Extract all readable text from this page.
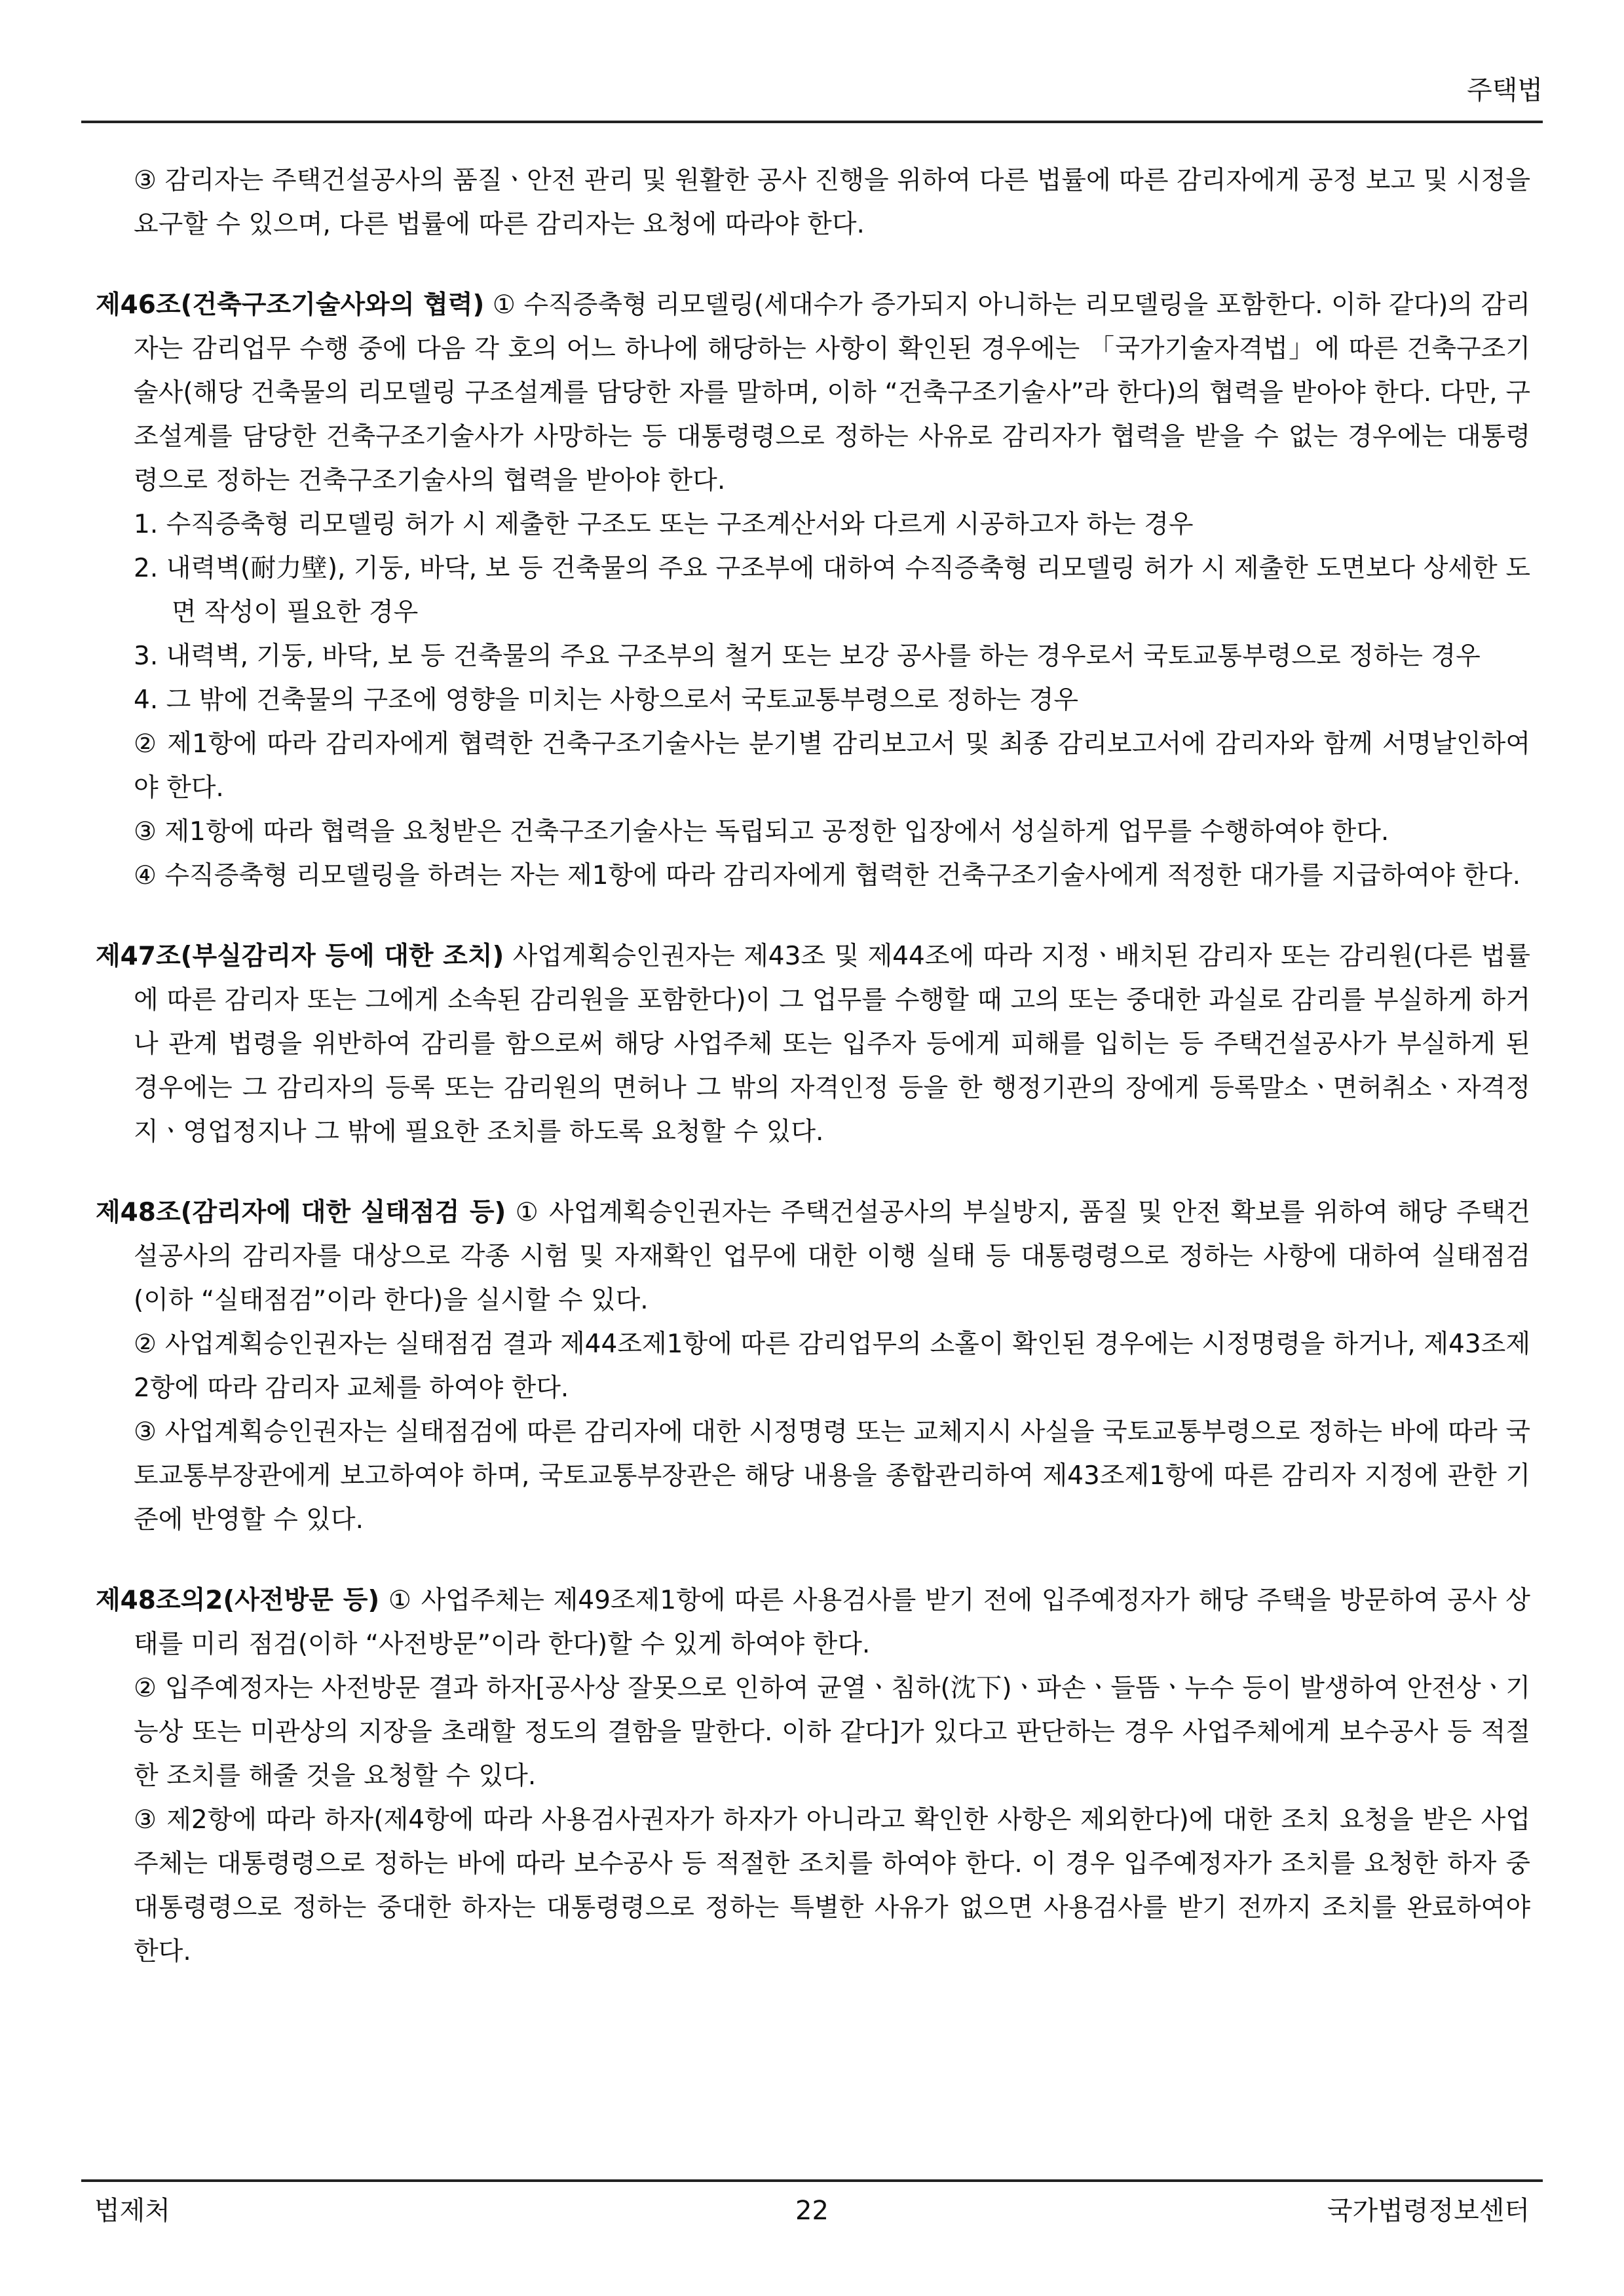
주택법
③ 감리자는 주택건설공사의 품질ㆍ안전 관리 및 원활한 공사 진행을 위하여 다른 법률에 따른 감리자에게 공정 보고 및 시정을 요구할 수 있으며, 다른 법률에 따른 감리자는 요청에 따라야 한다.
제46조(건축구조기술사와의 협력) ① 수직증축형 리모델링(세대수가 증가되지 아니하는 리모델링을 포함한다. 이하 같다)의 감리자는 감리업무 수행 중에 다음 각 호의 어느 하나에 해당하는 사항이 확인된 경우에는 「국가기술자격법」에 따른 건축구조기술사(해당 건축물의 리모델링 구조설계를 담당한 자를 말하며, 이하 “건축구조기술사”라 한다)의 협력을 받아야 한다. 다만, 구조설계를 담당한 건축구조기술사가 사망하는 등 대통령령으로 정하는 사유로 감리자가 협력을 받을 수 없는 경우에는 대통령령으로 정하는 건축구조기술사의 협력을 받아야 한다.
1. 수직증축형 리모델링 허가 시 제출한 구조도 또는 구조계산서와 다르게 시공하고자 하는 경우
2. 내력벽(耐力壁), 기둥, 바닥, 보 등 건축물의 주요 구조부에 대하여 수직증축형 리모델링 허가 시 제출한 도면보다 상세한 도면 작성이 필요한 경우
3. 내력벽, 기둥, 바닥, 보 등 건축물의 주요 구조부의 철거 또는 보강 공사를 하는 경우로서 국토교통부령으로 정하는 경우
4. 그 밖에 건축물의 구조에 영향을 미치는 사항으로서 국토교통부령으로 정하는 경우
② 제1항에 따라 감리자에게 협력한 건축구조기술사는 분기별 감리보고서 및 최종 감리보고서에 감리자와 함께 서명날인하여야 한다.
③ 제1항에 따라 협력을 요청받은 건축구조기술사는 독립되고 공정한 입장에서 성실하게 업무를 수행하여야 한다.
④ 수직증축형 리모델링을 하려는 자는 제1항에 따라 감리자에게 협력한 건축구조기술사에게 적정한 대가를 지급하여야 한다.
제47조(부실감리자 등에 대한 조치) 사업계획승인권자는 제43조 및 제44조에 따라 지정ㆍ배치된 감리자 또는 감리원(다른 법률에 따른 감리자 또는 그에게 소속된 감리원을 포함한다)이 그 업무를 수행할 때 고의 또는 중대한 과실로 감리를 부실하게 하거나 관계 법령을 위반하여 감리를 함으로써 해당 사업주체 또는 입주자 등에게 피해를 입히는 등 주택건설공사가 부실하게 된 경우에는 그 감리자의 등록 또는 감리원의 면허나 그 밖의 자격인정 등을 한 행정기관의 장에게 등록말소ㆍ면허취소ㆍ자격정지ㆍ영업정지나 그 밖에 필요한 조치를 하도록 요청할 수 있다.
제48조(감리자에 대한 실태점검 등) ① 사업계획승인권자는 주택건설공사의 부실방지, 품질 및 안전 확보를 위하여 해당 주택건설공사의 감리자를 대상으로 각종 시험 및 자재확인 업무에 대한 이행 실태 등 대통령령으로 정하는 사항에 대하여 실태점검(이하 “실태점검”이라 한다)을 실시할 수 있다.
② 사업계획승인권자는 실태점검 결과 제44조제1항에 따른 감리업무의 소홀이 확인된 경우에는 시정명령을 하거나, 제43조제2항에 따라 감리자 교체를 하여야 한다.
③ 사업계획승인권자는 실태점검에 따른 감리자에 대한 시정명령 또는 교체지시 사실을 국토교통부령으로 정하는 바에 따라 국토교통부장관에게 보고하여야 하며, 국토교통부장관은 해당 내용을 종합관리하여 제43조제1항에 따른 감리자 지정에 관한 기준에 반영할 수 있다.
제48조의2(사전방문 등) ① 사업주체는 제49조제1항에 따른 사용검사를 받기 전에 입주예정자가 해당 주택을 방문하여 공사 상태를 미리 점검(이하 “사전방문”이라 한다)할 수 있게 하여야 한다.
② 입주예정자는 사전방문 결과 하자[공사상 잘못으로 인하여 균열ㆍ침하(沈下)ㆍ파손ㆍ들뜸ㆍ누수 등이 발생하여 안전상ㆍ기능상 또는 미관상의 지장을 초래할 정도의 결함을 말한다. 이하 같다]가 있다고 판단하는 경우 사업주체에게 보수공사 등 적절한 조치를 해줄 것을 요청할 수 있다.
③ 제2항에 따라 하자(제4항에 따라 사용검사권자가 하자가 아니라고 확인한 사항은 제외한다)에 대한 조치 요청을 받은 사업주체는 대통령령으로 정하는 바에 따라 보수공사 등 적절한 조치를 하여야 한다. 이 경우 입주예정자가 조치를 요청한 하자 중 대통령령으로 정하는 중대한 하자는 대통령령으로 정하는 특별한 사유가 없으면 사용검사를 받기 전까지 조치를 완료하여야 한다.
법제처	22	국가법령정보센터
